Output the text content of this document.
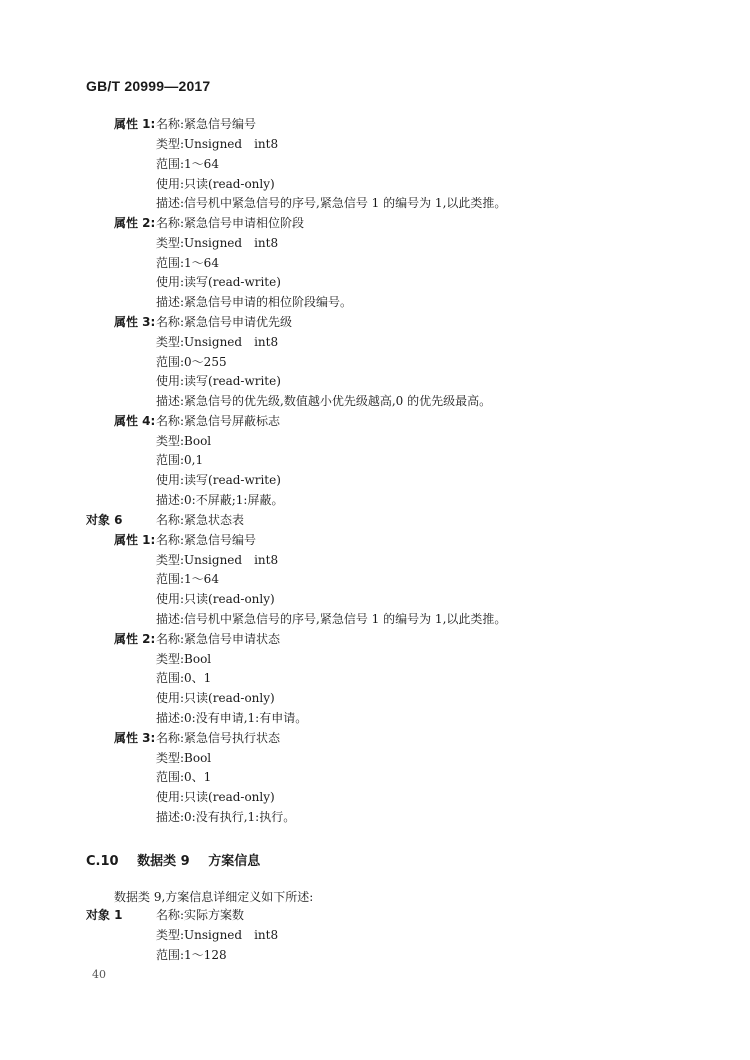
GB/T 20999—2017
属性 1: 名称:紧急信号编号
类型:Unsigned　int8
范围:1～64
使用:只读(read-only)
描述:信号机中紧急信号的序号,紧急信号 1 的编号为 1,以此类推。
属性 2: 名称:紧急信号申请相位阶段
类型:Unsigned　int8
范围:1～64
使用:读写(read-write)
描述:紧急信号申请的相位阶段编号。
属性 3: 名称:紧急信号申请优先级
类型:Unsigned　int8
范围:0～255
使用:读写(read-write)
描述:紧急信号的优先级,数值越小优先级越高,0 的优先级最高。
属性 4: 名称:紧急信号屏蔽标志
类型:Bool
范围:0,1
使用:读写(read-write)
描述:0:不屏蔽;1:屏蔽。
对象 6	名称:紧急状态表
属性 1: 名称:紧急信号编号
类型:Unsigned　int8
范围:1～64
使用:只读(read-only)
描述:信号机中紧急信号的序号,紧急信号 1 的编号为 1,以此类推。
属性 2: 名称:紧急信号申请状态
类型:Bool
范围:0、1
使用:只读(read-only)
描述:0:没有申请,1:有申请。
属性 3: 名称:紧急信号执行状态
类型:Bool
范围:0、1
使用:只读(read-only)
描述:0:没有执行,1:执行。
C.10 数据类 9 方案信息
数据类 9,方案信息详细定义如下所述:
对象 1	名称:实际方案数
类型:Unsigned　int8
范围:1～128
40
